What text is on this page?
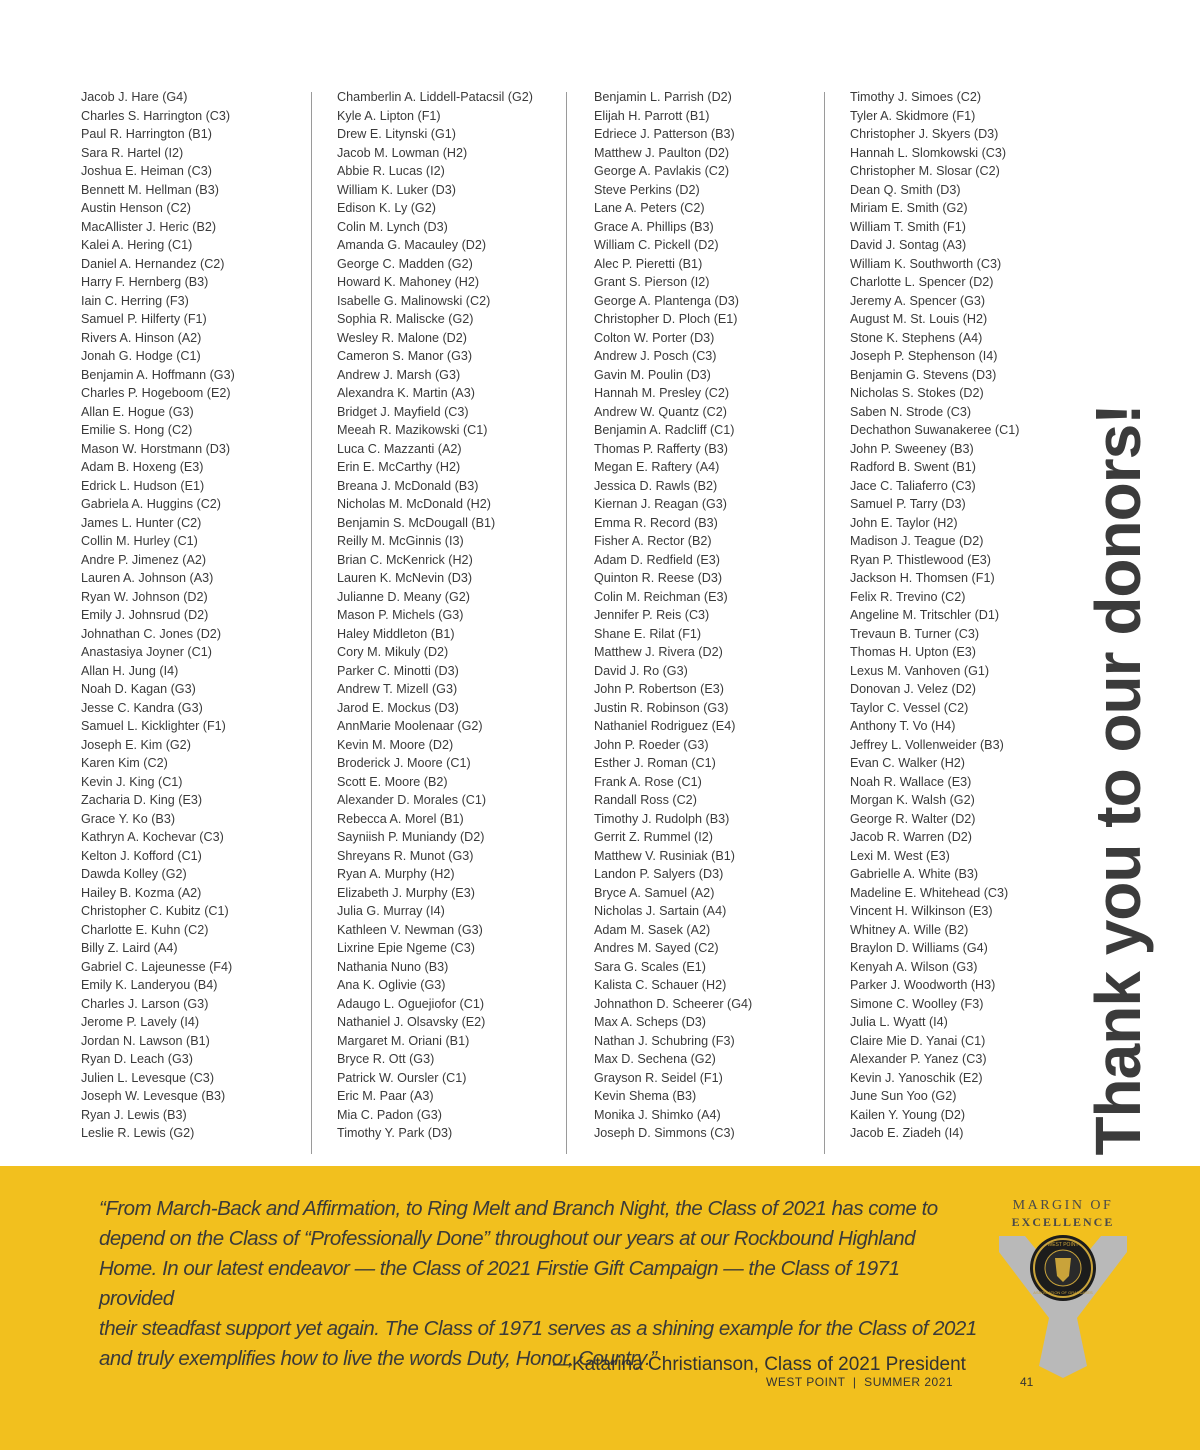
Jacob J. Hare (G4)
Charles S. Harrington (C3)
Paul R. Harrington (B1)
Sara R. Hartel (I2)
Joshua E. Heiman (C3)
Bennett M. Hellman (B3)
Austin Henson (C2)
MacAllister J. Heric (B2)
Kalei A. Hering (C1)
Daniel A. Hernandez (C2)
Harry F. Hernberg (B3)
Iain C. Herring (F3)
Samuel P. Hilferty (F1)
Rivers A. Hinson (A2)
Jonah G. Hodge (C1)
Benjamin A. Hoffmann (G3)
Charles P. Hogeboom (E2)
Allan E. Hogue (G3)
Emilie S. Hong (C2)
Mason W. Horstmann (D3)
Adam B. Hoxeng (E3)
Edrick L. Hudson (E1)
Gabriela A. Huggins (C2)
James L. Hunter (C2)
Collin M. Hurley (C1)
Andre P. Jimenez (A2)
Lauren A. Johnson (A3)
Ryan W. Johnson (D2)
Emily J. Johnsrud (D2)
Johnathan C. Jones (D2)
Anastasiya Joyner (C1)
Allan H. Jung (I4)
Noah D. Kagan (G3)
Jesse C. Kandra (G3)
Samuel L. Kicklighter (F1)
Joseph E. Kim (G2)
Karen Kim (C2)
Kevin J. King (C1)
Zacharia D. King (E3)
Grace Y. Ko (B3)
Kathryn A. Kochevar (C3)
Kelton J. Kofford (C1)
Dawda Kolley (G2)
Hailey B. Kozma (A2)
Christopher C. Kubitz (C1)
Charlotte E. Kuhn (C2)
Billy Z. Laird (A4)
Gabriel C. Lajeunesse (F4)
Emily K. Landeryou (B4)
Charles J. Larson (G3)
Jerome P. Lavely (I4)
Jordan N. Lawson (B1)
Ryan D. Leach (G3)
Julien L. Levesque (C3)
Joseph W. Levesque (B3)
Ryan J. Lewis (B3)
Leslie R. Lewis (G2)
Chamberlin A. Liddell-Patacsil (G2)
Kyle A. Lipton (F1)
Drew E. Litynski (G1)
Jacob M. Lowman (H2)
Abbie R. Lucas (I2)
William K. Luker (D3)
Edison K. Ly (G2)
Colin M. Lynch (D3)
Amanda G. Macauley (D2)
George C. Madden (G2)
Howard K. Mahoney (H2)
Isabelle G. Malinowski (C2)
Sophia R. Maliscke (G2)
Wesley R. Malone (D2)
Cameron S. Manor (G3)
Andrew J. Marsh (G3)
Alexandra K. Martin (A3)
Bridget J. Mayfield (C3)
Meeah R. Mazikowski (C1)
Luca C. Mazzanti (A2)
Erin E. McCarthy (H2)
Breana J. McDonald (B3)
Nicholas M. McDonald (H2)
Benjamin S. McDougall (B1)
Reilly M. McGinnis (I3)
Brian C. McKenrick (H2)
Lauren K. McNevin (D3)
Julianne D. Meany (G2)
Mason P. Michels (G3)
Haley Middleton (B1)
Cory M. Mikuly (D2)
Parker C. Minotti (D3)
Andrew T. Mizell (G3)
Jarod E. Mockus (D3)
AnnMarie Moolenaar (G2)
Kevin M. Moore (D2)
Broderick J. Moore (C1)
Scott E. Moore (B2)
Alexander D. Morales (C1)
Rebecca A. Morel (B1)
Sayniish P. Muniandy (D2)
Shreyans R. Munot (G3)
Ryan A. Murphy (H2)
Elizabeth J. Murphy (E3)
Julia G. Murray (I4)
Kathleen V. Newman (G3)
Lixrine Epie Ngeme (C3)
Nathania Nuno (B3)
Ana K. Oglivie (G3)
Adaugo L. Oguejiofor (C1)
Nathaniel J. Olsavsky (E2)
Margaret M. Oriani (B1)
Bryce R. Ott (G3)
Patrick W. Oursler (C1)
Eric M. Paar (A3)
Mia C. Padon (G3)
Timothy Y. Park (D3)
Benjamin L. Parrish (D2)
Elijah H. Parrott (B1)
Edriece J. Patterson (B3)
Matthew J. Paulton (D2)
George A. Pavlakis (C2)
Steve Perkins (D2)
Lane A. Peters (C2)
Grace A. Phillips (B3)
William C. Pickell (D2)
Alec P. Pieretti (B1)
Grant S. Pierson (I2)
George A. Plantenga (D3)
Christopher D. Ploch (E1)
Colton W. Porter (D3)
Andrew J. Posch (C3)
Gavin M. Poulin (D3)
Hannah M. Presley (C2)
Andrew W. Quantz (C2)
Benjamin A. Radcliff (C1)
Thomas P. Rafferty (B3)
Megan E. Raftery (A4)
Jessica D. Rawls (B2)
Kiernan J. Reagan (G3)
Emma R. Record (B3)
Fisher A. Rector (B2)
Adam D. Redfield (E3)
Quinton R. Reese (D3)
Colin M. Reichman (E3)
Jennifer P. Reis (C3)
Shane E. Rilat (F1)
Matthew J. Rivera (D2)
David J. Ro (G3)
John P. Robertson (E3)
Justin R. Robinson (G3)
Nathaniel Rodriguez (E4)
John P. Roeder (G3)
Esther J. Roman (C1)
Frank A. Rose (C1)
Randall Ross (C2)
Timothy J. Rudolph (B3)
Gerrit Z. Rummel (I2)
Matthew V. Rusiniak (B1)
Landon P. Salyers (D3)
Bryce A. Samuel (A2)
Nicholas J. Sartain (A4)
Adam M. Sasek (A2)
Andres M. Sayed (C2)
Sara G. Scales (E1)
Kalista C. Schauer (H2)
Johnathon D. Scheerer (G4)
Max A. Scheps (D3)
Nathan J. Schubring (F3)
Max D. Sechena (G2)
Grayson R. Seidel (F1)
Kevin Shema (B3)
Monika J. Shimko (A4)
Joseph D. Simmons (C3)
Timothy J. Simoes (C2)
Tyler A. Skidmore (F1)
Christopher J. Skyers (D3)
Hannah L. Slomkowski (C3)
Christopher M. Slosar (C2)
Dean Q. Smith (D3)
Miriam E. Smith (G2)
William T. Smith (F1)
David J. Sontag (A3)
William K. Southworth (C3)
Charlotte L. Spencer (D2)
Jeremy A. Spencer (G3)
August M. St. Louis (H2)
Stone K. Stephens (A4)
Joseph P. Stephenson (I4)
Benjamin G. Stevens (D3)
Nicholas S. Stokes (D2)
Saben N. Strode (C3)
Dechathon Suwanakeree (C1)
John P. Sweeney (B3)
Radford B. Swent (B1)
Jace C. Taliaferro (C3)
Samuel P. Tarry (D3)
John E. Taylor (H2)
Madison J. Teague (D2)
Ryan P. Thistlewood (E3)
Jackson H. Thomsen (F1)
Felix R. Trevino (C2)
Angeline M. Tritschler (D1)
Trevaun B. Turner (C3)
Thomas H. Upton (E3)
Lexus M. Vanhoven (G1)
Donovan J. Velez (D2)
Taylor C. Vessel (C2)
Anthony T. Vo (H4)
Jeffrey L. Vollenweider (B3)
Evan C. Walker (H2)
Noah R. Wallace (E3)
Morgan K. Walsh (G2)
George R. Walter (D2)
Jacob R. Warren (D2)
Lexi M. West (E3)
Gabrielle A. White (B3)
Madeline E. Whitehead (C3)
Vincent H. Wilkinson (E3)
Whitney A. Wille (B2)
Braylon D. Williams (G4)
Kenyah A. Wilson (G3)
Parker J. Woodworth (H3)
Simone C. Woolley (F3)
Julia L. Wyatt (I4)
Claire Mie D. Yanai (C1)
Alexander P. Yanez (C3)
Kevin J. Yanoschik (E2)
June Sun Yoo (G2)
Kailen Y. Young (D2)
Jacob E. Ziadeh (I4)	Thank you to our donors!
“From March-Back and Affirmation, to Ring Melt and Branch Night, the Class of 2021 has come to
depend on the Class of “Professionally Done” throughout our years at our Rockbound Highland
Home. In our latest endeavor — the Class of 2021 Firstie Gift Campaign — the Class of 1971 provided
their steadfast support yet again. The Class of 1971 serves as a shining example for the Class of 2021
and truly exemplifies how to live the words Duty, Honor, Country.”
—Katarina Christianson, Class of 2021 President
MARGIN OF
EXCELLENCE
WEST POINT
ASSOCIATION OF GRADUATES
WEST POINT  |  SUMMER 2021	41
